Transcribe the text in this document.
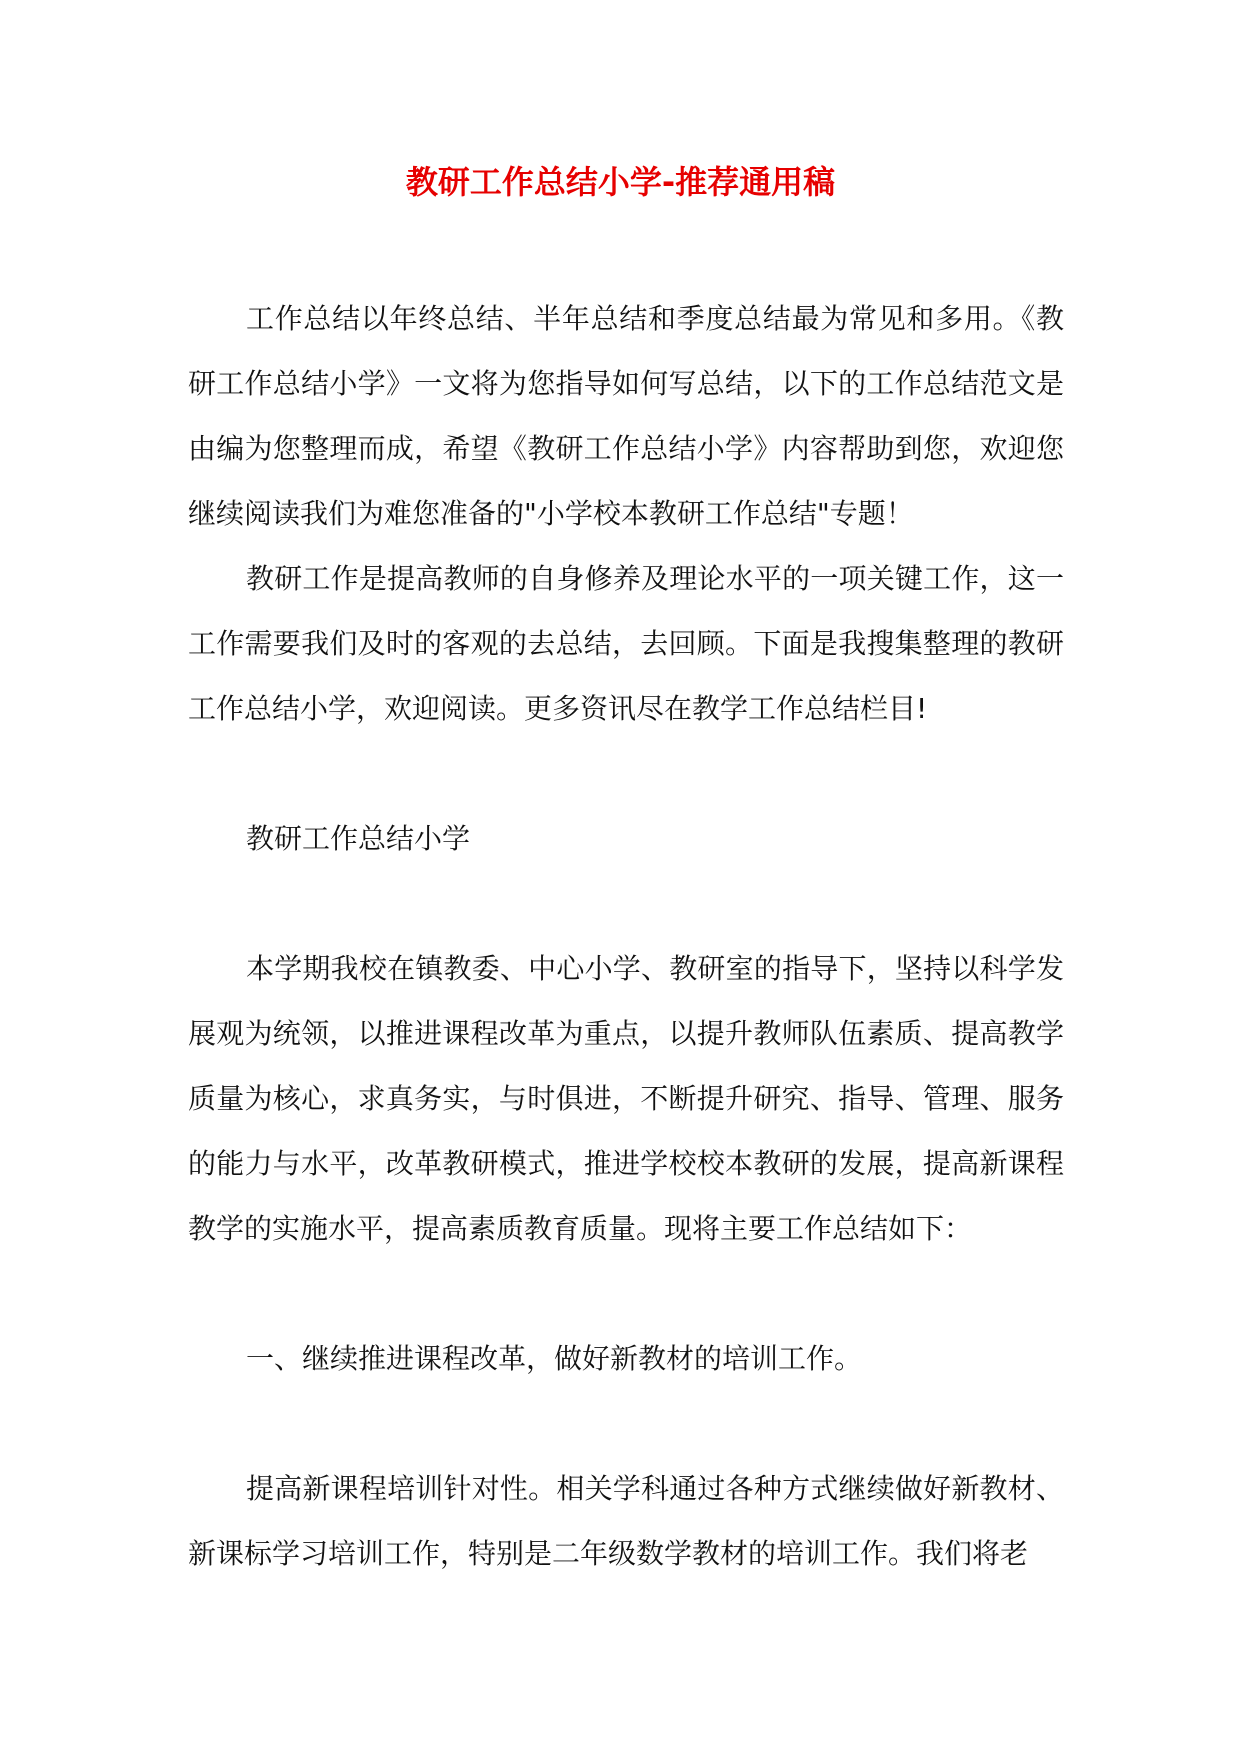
教研工作总结小学-推荐通用稿

工作总结以年终总结、半年总结和季度总结最为常见和多用。《教研工作总结小学》一文将为您指导如何写总结，以下的工作总结范文是由编为您整理而成，希望《教研工作总结小学》内容帮助到您，欢迎您继续阅读我们为难您准备的"小学校本教研工作总结"专题！

教研工作是提高教师的自身修养及理论水平的一项关键工作，这一工作需要我们及时的客观的去总结，去回顾。下面是我搜集整理的教研工作总结小学，欢迎阅读。更多资讯尽在教学工作总结栏目!

教研工作总结小学

本学期我校在镇教委、中心小学、教研室的指导下，坚持以科学发展观为统领，以推进课程改革为重点，以提升教师队伍素质、提高教学质量为核心，求真务实，与时俱进，不断提升研究、指导、管理、服务的能力与水平，改革教研模式，推进学校校本教研的发展，提高新课程教学的实施水平，提高素质教育质量。现将主要工作总结如下：

一、继续推进课程改革，做好新教材的培训工作。

提高新课程培训针对性。相关学科通过各种方式继续做好新教材、新课标学习培训工作，特别是二年级数学教材的培训工作。我们将老
